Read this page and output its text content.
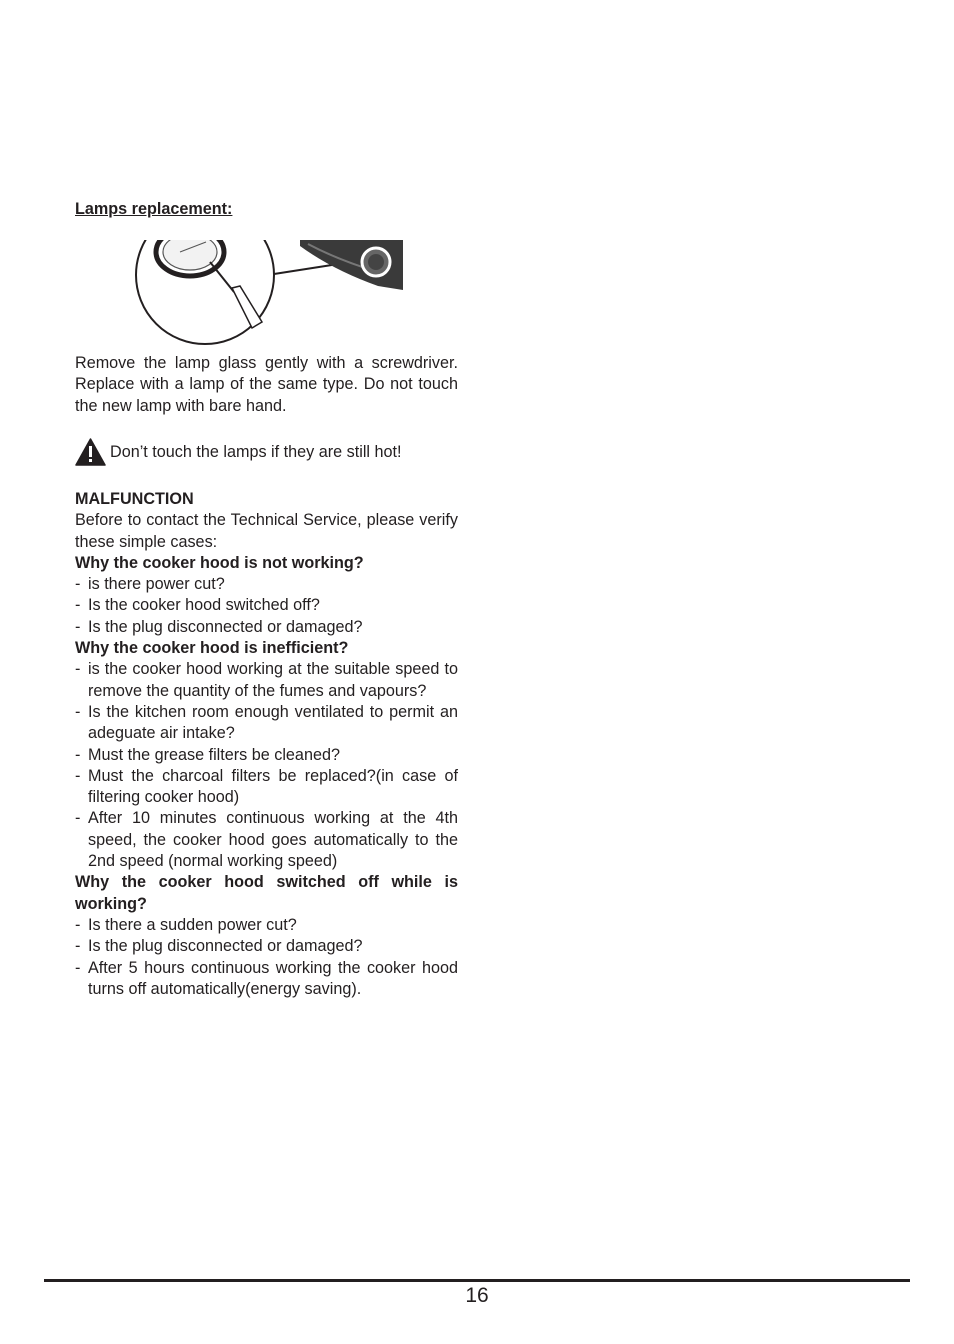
Lamps replacement:
Remove the lamp glass gently with a screwdriver. Replace with a lamp of the same type. Do not touch the new lamp with bare hand.
Don’t touch the lamps if they are still hot!
MALFUNCTION
Before to contact the Technical Service, please verify these simple cases:
Why the cooker hood is not working?
- is there power cut?
- Is the cooker hood switched off?
- Is the plug disconnected or damaged?
Why the cooker hood is inefficient?
- is the cooker hood working at the suitable speed to remove the quantity of the fumes and vapours?
- Is the kitchen room enough ventilated to permit an adeguate air intake?
- Must the grease filters be cleaned?
- Must the charcoal filters be replaced?(in case of filtering cooker hood)
- After 10 minutes continuous working at the 4th speed, the cooker hood goes automatically to the 2nd speed (normal working speed)
Why the cooker hood switched off while is working?
- Is there a sudden power cut?
- Is the plug disconnected or damaged?
- After 5 hours continuous working the cooker hood turns off automatically(energy saving).
16
